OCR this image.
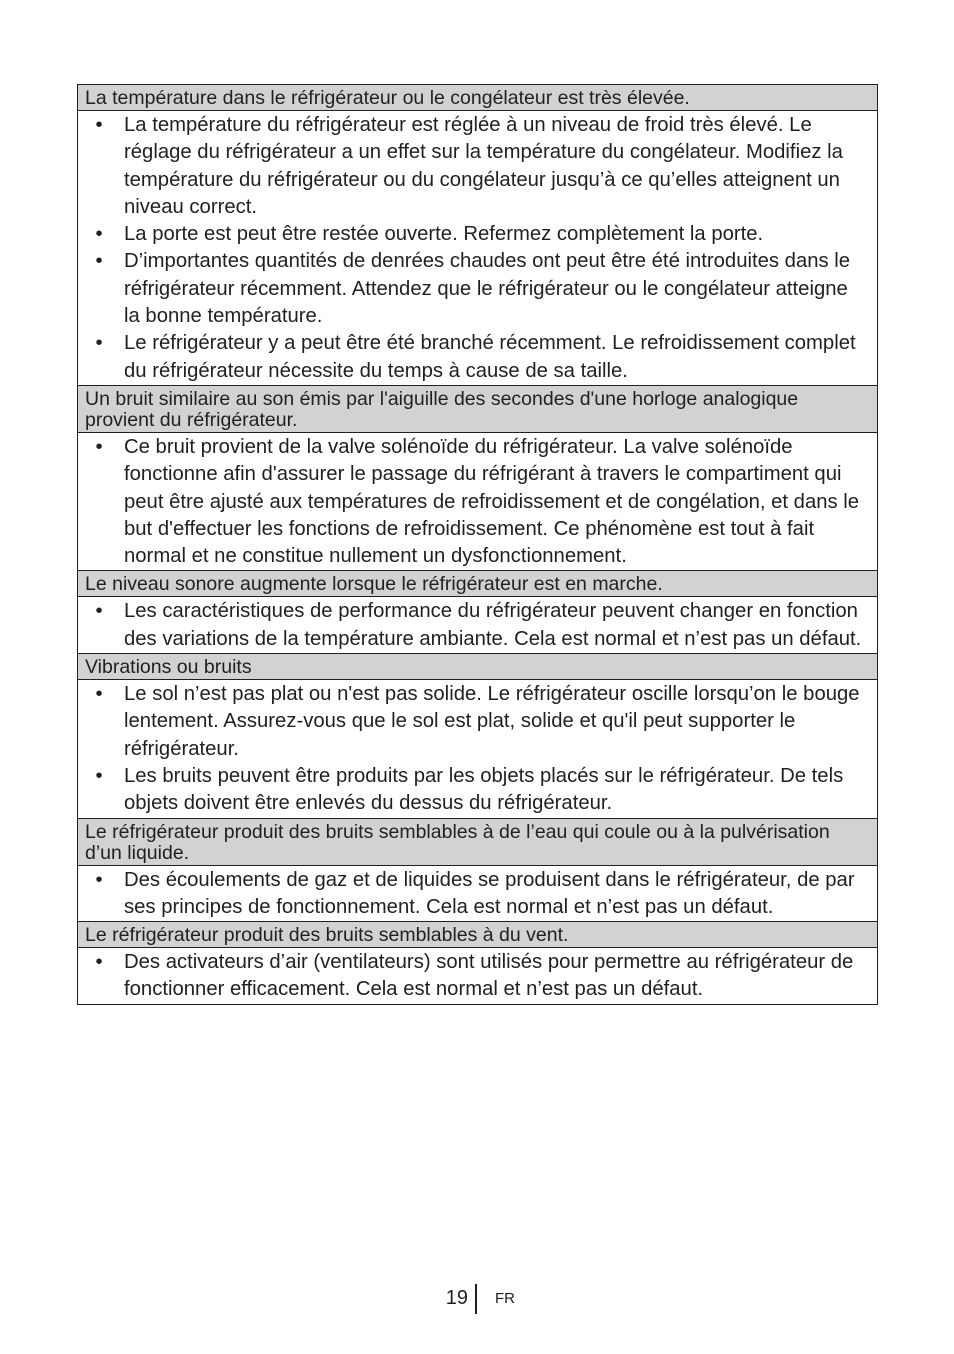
La température dans le réfrigérateur ou le congélateur est très élevée.
•	La température du réfrigérateur est réglée à un niveau de froid très élevé. Le réglage du réfrigérateur a un effet sur la température du congélateur. Modifiez la température du réfrigérateur ou du congélateur jusqu’à ce qu’elles atteignent un niveau correct.
•	La porte est peut être restée ouverte. Refermez complètement la porte.
•	D’importantes quantités de denrées chaudes ont peut être été introduites dans le réfrigérateur récemment. Attendez que le réfrigérateur ou le congélateur atteigne la bonne température.
•	Le réfrigérateur y a peut être été branché récemment. Le refroidissement complet du réfrigérateur nécessite du temps à cause de sa taille.
Un bruit similaire au son émis par l'aiguille des secondes d'une horloge analogique provient du réfrigérateur.
•	Ce bruit provient de la valve solénoïde du réfrigérateur. La valve solénoïde fonctionne afin d'assurer le passage du réfrigérant à travers le compartiment qui peut être ajusté aux températures de refroidissement et de congélation, et dans le but d'effectuer les fonctions de refroidissement. Ce phénomène est tout à fait normal et ne constitue nullement un dysfonctionnement.
Le niveau sonore augmente lorsque le réfrigérateur est en marche.
•	Les caractéristiques de performance du réfrigérateur peuvent changer en fonction des variations de la température ambiante. Cela est normal et n’est pas un défaut.
Vibrations ou bruits
•	Le sol n’est pas plat ou n'est pas solide. Le réfrigérateur oscille lorsqu’on le bouge lentement. Assurez-vous que le sol est plat, solide et qu'il peut supporter le réfrigérateur.
•	Les bruits peuvent être produits par les objets placés sur le réfrigérateur. De tels objets doivent être enlevés du dessus du réfrigérateur.
Le réfrigérateur produit des bruits semblables à de l’eau qui coule ou à la pulvérisation d’un liquide.
•	Des écoulements de gaz et de liquides se produisent dans le réfrigérateur, de par ses principes de fonctionnement. Cela est normal et n’est pas un défaut.
Le réfrigérateur produit des bruits semblables à du vent.
•	Des activateurs d’air (ventilateurs) sont utilisés pour permettre au réfrigérateur de fonctionner efficacement. Cela est normal et n’est pas un défaut.
19 FR
